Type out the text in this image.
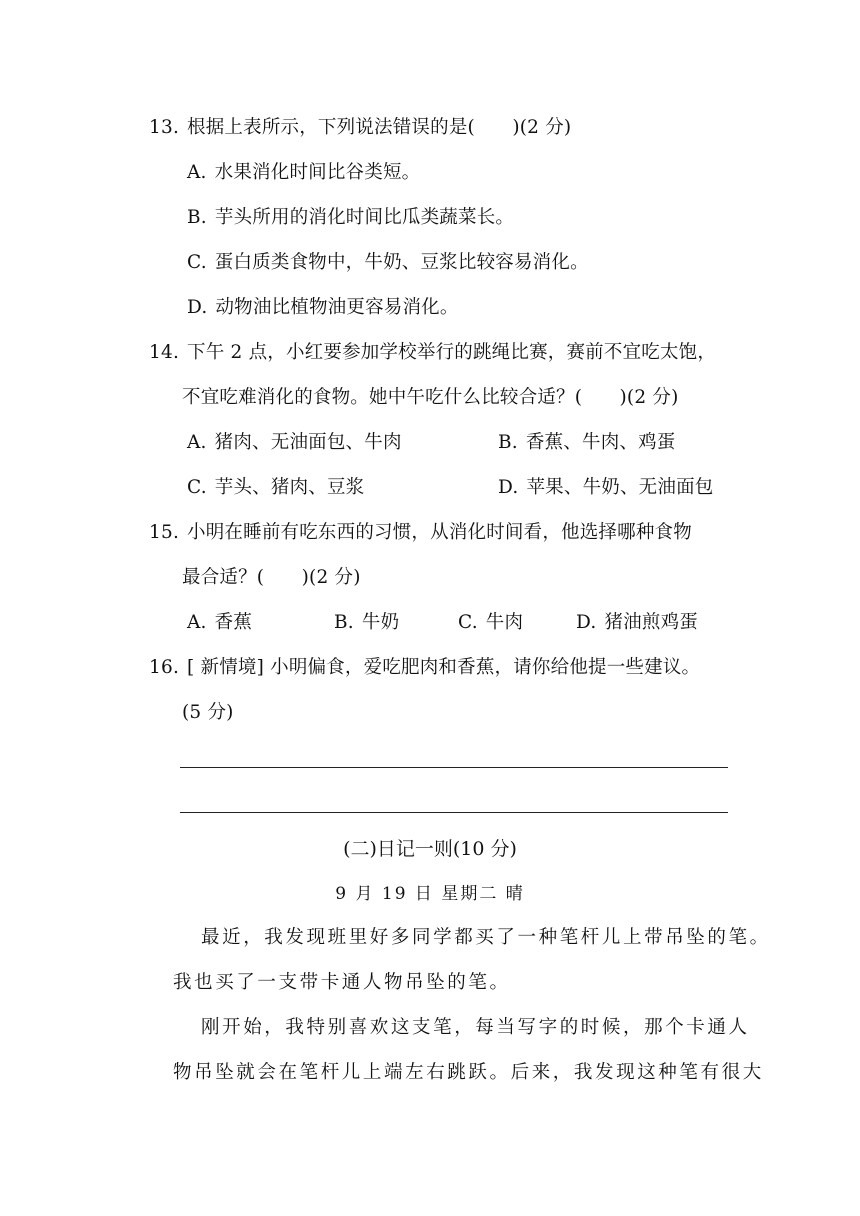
13. 根据上表所示，下列说法错误的是(　　)(2 分)
A. 水果消化时间比谷类短。
B. 芋头所用的消化时间比瓜类蔬菜长。
C. 蛋白质类食物中，牛奶、豆浆比较容易消化。
D. 动物油比植物油更容易消化。
14. 下午 2 点，小红要参加学校举行的跳绳比赛，赛前不宜吃太饱，
不宜吃难消化的食物。她中午吃什么比较合适？(　　)(2 分)
A. 猪肉、无油面包、牛肉	B. 香蕉、牛肉、鸡蛋
C. 芋头、猪肉、豆浆	D. 苹果、牛奶、无油面包
15. 小明在睡前有吃东西的习惯，从消化时间看，他选择哪种食物
最合适？(　　)(2 分)
A. 香蕉	B. 牛奶	C. 牛肉	D. 猪油煎鸡蛋
16. [ 新情境] 小明偏食，爱吃肥肉和香蕉，请你给他提一些建议。
(5 分)
(二)日记一则(10 分)
9 月 19 日 星期二 晴
最近，我发现班里好多同学都买了一种笔杆儿上带吊坠的笔。
我也买了一支带卡通人物吊坠的笔。
刚开始，我特别喜欢这支笔，每当写字的时候，那个卡通人
物吊坠就会在笔杆儿上端左右跳跃。后来，我发现这种笔有很大
